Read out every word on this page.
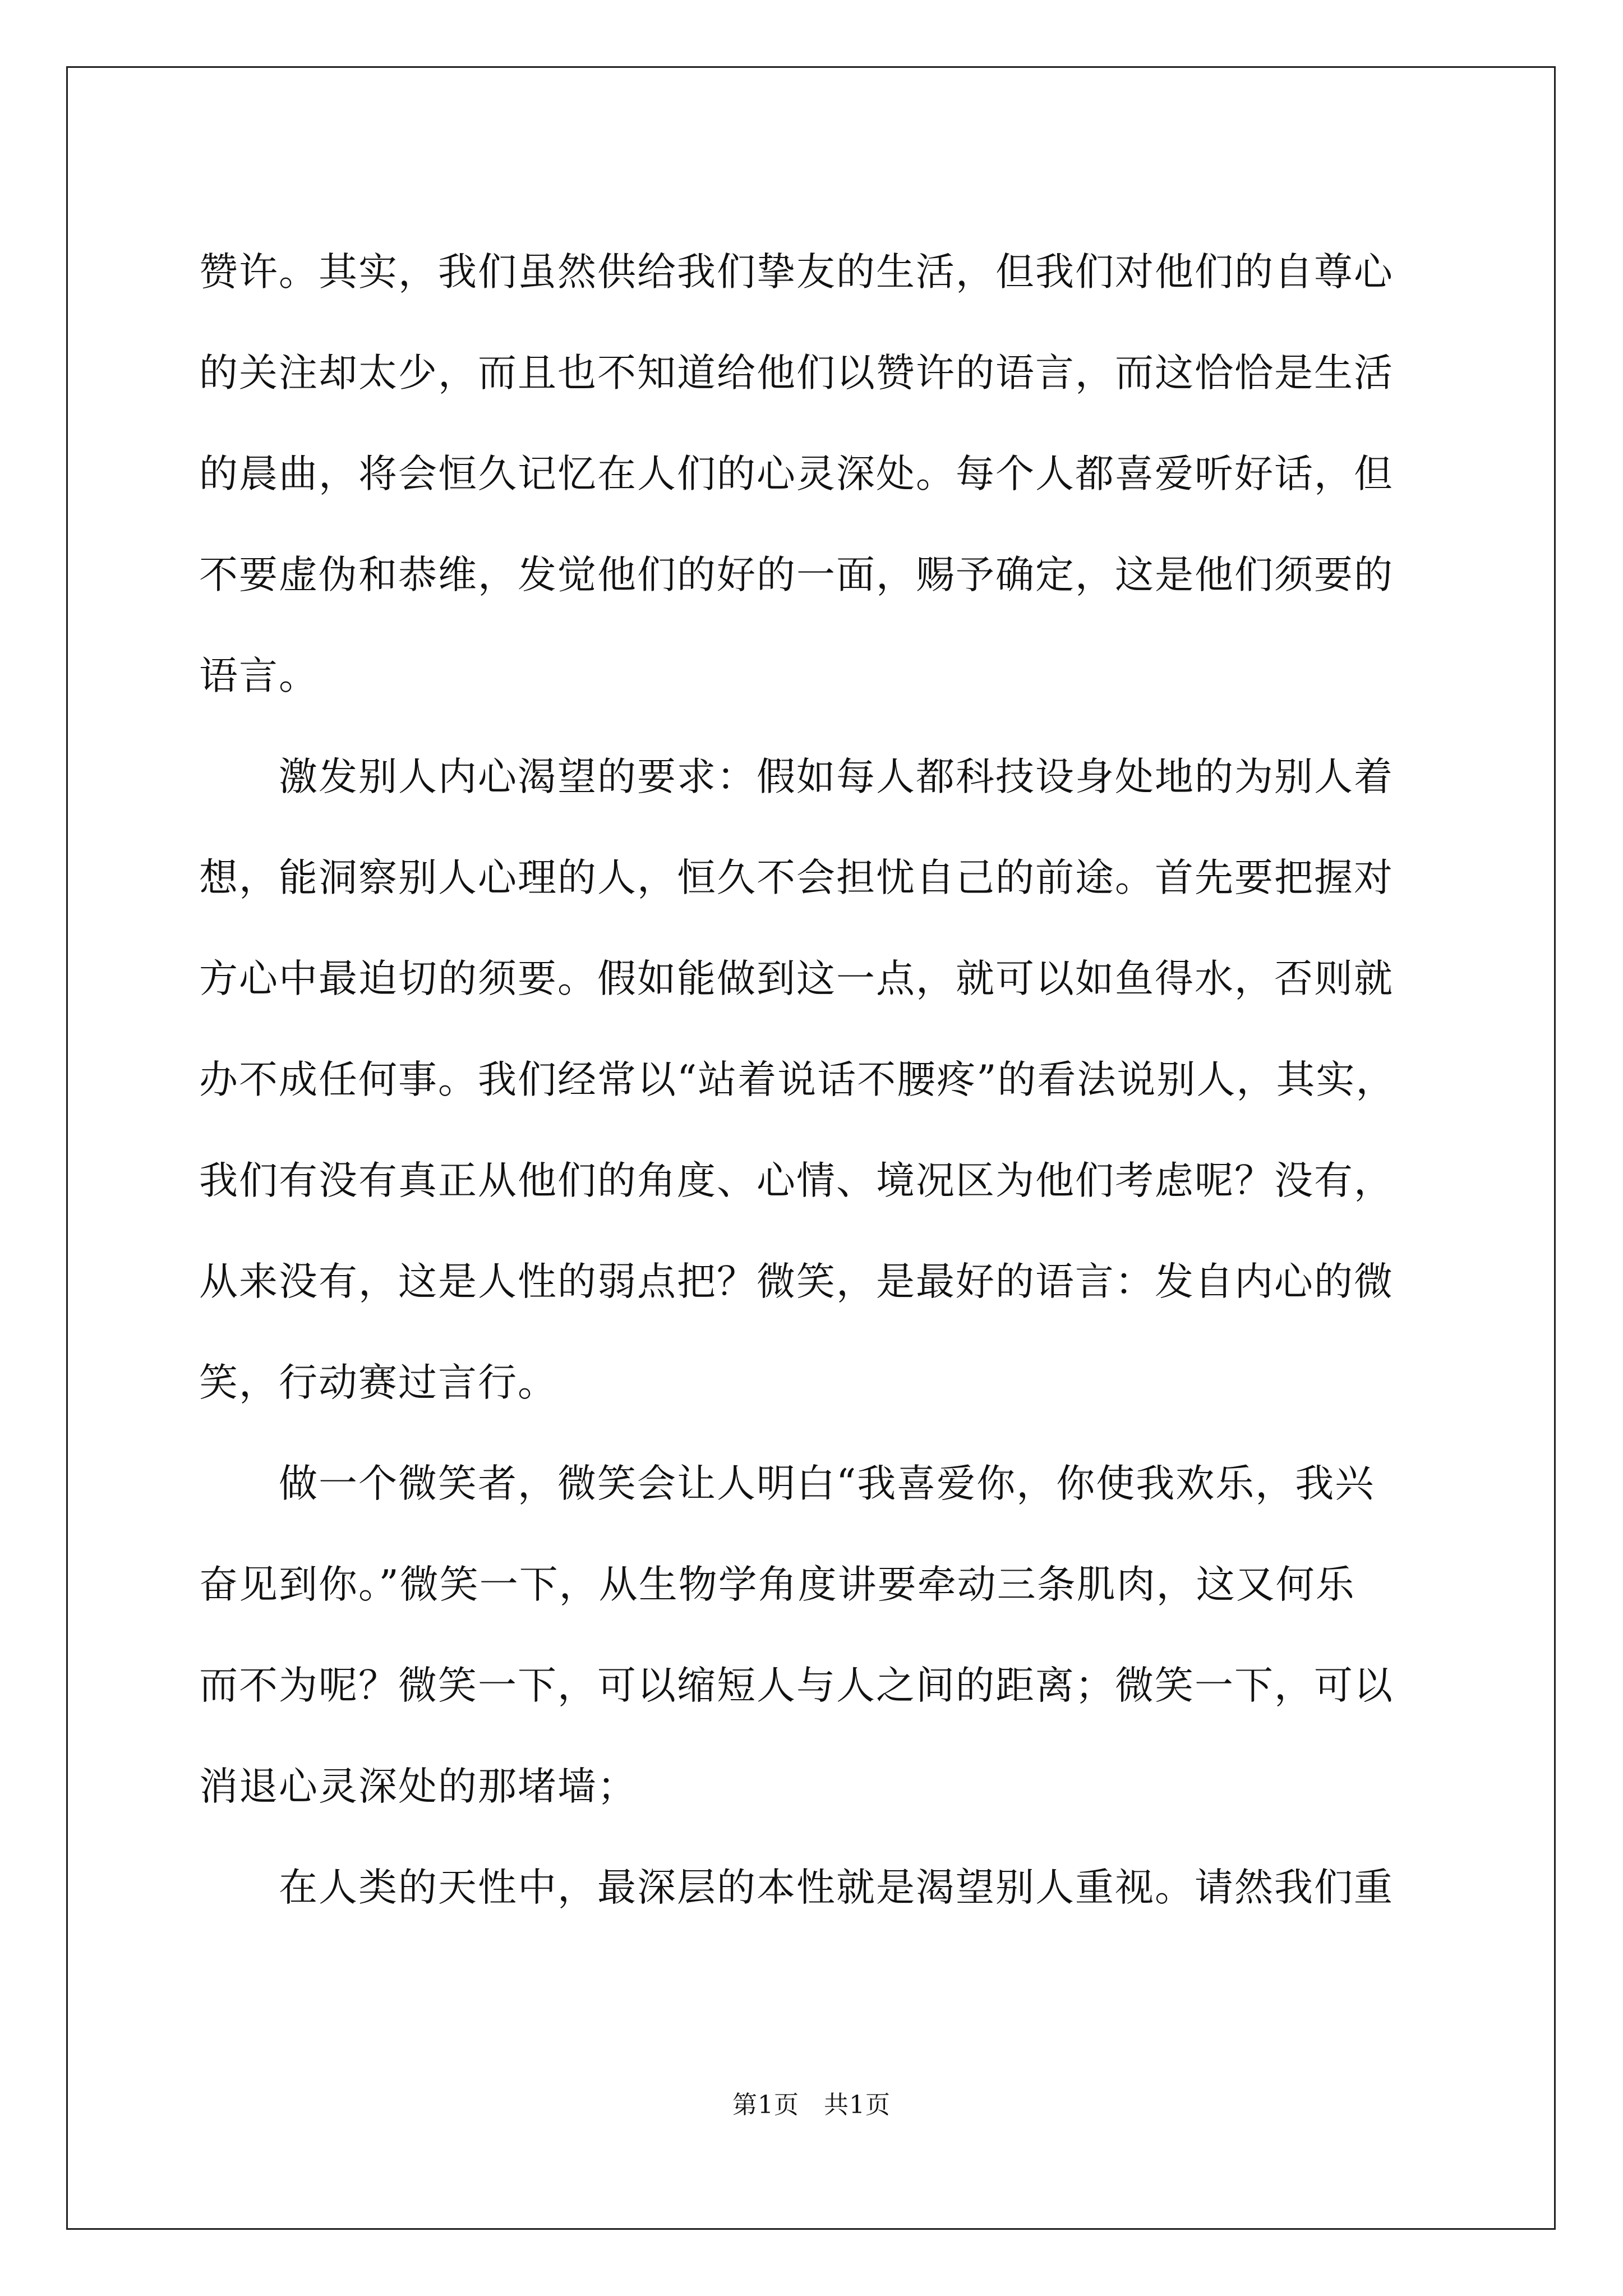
赞许。其实，我们虽然供给我们挚友的生活，但我们对他们的自尊心
的关注却太少，而且也不知道给他们以赞许的语言，而这恰恰是生活
的晨曲，将会恒久记忆在人们的心灵深处。每个人都喜爱听好话，但
不要虚伪和恭维，发觉他们的好的一面，赐予确定，这是他们须要的
语言。
　　激发别人内心渴望的要求：假如每人都科技设身处地的为别人着
想，能洞察别人心理的人，恒久不会担忧自己的前途。首先要把握对
方心中最迫切的须要。假如能做到这一点，就可以如鱼得水，否则就
办不成任何事。我们经常以“站着说话不腰疼”的看法说别人，其实，
我们有没有真正从他们的角度、心情、境况区为他们考虑呢？没有，
从来没有，这是人性的弱点把？微笑，是最好的语言：发自内心的微
笑，行动赛过言行。
　　做一个微笑者，微笑会让人明白“我喜爱你，你使我欢乐，我兴
奋见到你。”微笑一下，从生物学角度讲要牵动三条肌肉，这又何乐
而不为呢？微笑一下，可以缩短人与人之间的距离；微笑一下，可以
消退心灵深处的那堵墙；
　　在人类的天性中，最深层的本性就是渴望别人重视。请然我们重
第1页 共1页
